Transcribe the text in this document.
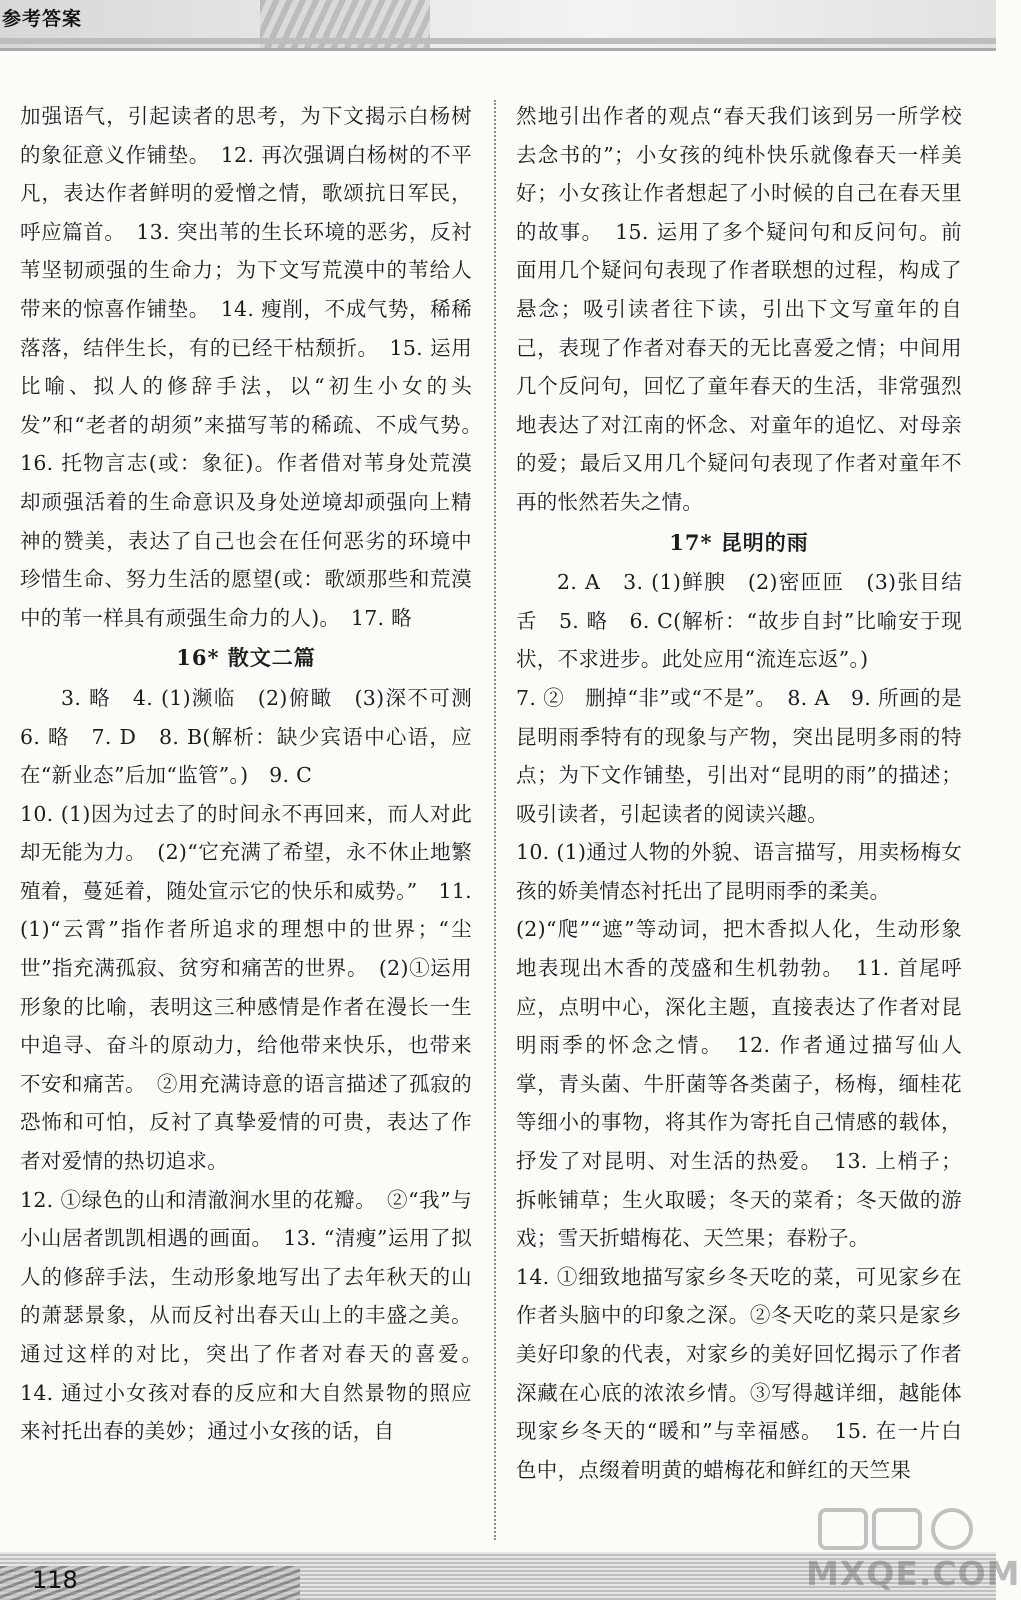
参考答案

加强语气，引起读者的思考，为下文揭示白杨树的象征意义作铺垫。　12. 再次强调白杨树的不平凡，表达作者鲜明的爱憎之情，歌颂抗日军民，呼应篇首。　13. 突出苇的生长环境的恶劣，反衬苇坚韧顽强的生命力；为下文写荒漠中的苇给人带来的惊喜作铺垫。　14. 瘦削，不成气势，稀稀落落，结伴生长，有的已经干枯颓折。　15. 运用比喻、拟人的修辞手法，以“初生小女的头发”和“老者的胡须”来描写苇的稀疏、不成气势。　16. 托物言志(或：象征)。作者借对苇身处荒漠却顽强活着的生命意识及身处逆境却顽强向上精神的赞美，表达了自己也会在任何恶劣的环境中珍惜生命、努力生活的愿望(或：歌颂那些和荒漠中的苇一样具有顽强生命力的人)。　17. 略

16* 散文二篇

3. 略　4. (1)濒临　(2)俯瞰　(3)深不可测　6. 略　7. D　8. B(解析：缺少宾语中心语，应在“新业态”后加“监管”。)　9. C

10. (1)因为过去了的时间永不再回来，而人对此却无能为力。　(2)“它充满了希望，永不休止地繁殖着，蔓延着，随处宣示它的快乐和威势。”　11. (1)“云霄”指作者所追求的理想中的世界；“尘世”指充满孤寂、贫穷和痛苦的世界。　(2)①运用形象的比喻，表明这三种感情是作者在漫长一生中追寻、奋斗的原动力，给他带来快乐，也带来不安和痛苦。　②用充满诗意的语言描述了孤寂的恐怖和可怕，反衬了真挚爱情的可贵，表达了作者对爱情的热切追求。

12. ①绿色的山和清澈涧水里的花瓣。　②“我”与小山居者凯凯相遇的画面。　13. “清瘦”运用了拟人的修辞手法，生动形象地写出了去年秋天的山的萧瑟景象，从而反衬出春天山上的丰盛之美。通过这样的对比，突出了作者对春天的喜爱。　14. 通过小女孩对春的反应和大自然景物的照应来衬托出春的美妙；通过小女孩的话，自

然地引出作者的观点“春天我们该到另一所学校去念书的”；小女孩的纯朴快乐就像春天一样美好；小女孩让作者想起了小时候的自己在春天里的故事。　15. 运用了多个疑问句和反问句。前面用几个疑问句表现了作者联想的过程，构成了悬念；吸引读者往下读，引出下文写童年的自己，表现了作者对春天的无比喜爱之情；中间用几个反问句，回忆了童年春天的生活，非常强烈地表达了对江南的怀念、对童年的追忆、对母亲的爱；最后又用几个疑问句表现了作者对童年不再的怅然若失之情。

17* 昆明的雨

2. A　3. (1)鲜腴　(2)密匝匝　(3)张目结舌　5. 略　6. C(解析：“故步自封”比喻安于现状，不求进步。此处应用“流连忘返”。)

7. ②　删掉“非”或“不是”。　8. A　9. 所画的是昆明雨季特有的现象与产物，突出昆明多雨的特点；为下文作铺垫，引出对“昆明的雨”的描述；吸引读者，引起读者的阅读兴趣。

10. (1)通过人物的外貌、语言描写，用卖杨梅女孩的娇美情态衬托出了昆明雨季的柔美。

(2)“爬”“遮”等动词，把木香拟人化，生动形象地表现出木香的茂盛和生机勃勃。　11. 首尾呼应，点明中心，深化主题，直接表达了作者对昆明雨季的怀念之情。　12. 作者通过描写仙人掌，青头菌、牛肝菌等各类菌子，杨梅，缅桂花等细小的事物，将其作为寄托自己情感的载体，抒发了对昆明、对生活的热爱。　13. 上梢子；拆帐铺草；生火取暖；冬天的菜肴；冬天做的游戏；雪天折蜡梅花、天竺果；春粉子。

14. ①细致地描写家乡冬天吃的菜，可见家乡在作者头脑中的印象之深。②冬天吃的菜只是家乡美好印象的代表，对家乡的美好回忆揭示了作者深藏在心底的浓浓乡情。③写得越详细，越能体现家乡冬天的“暖和”与幸福感。　15. 在一片白色中，点缀着明黄的蜡梅花和鲜红的天竺果

118	MXQE.COM
